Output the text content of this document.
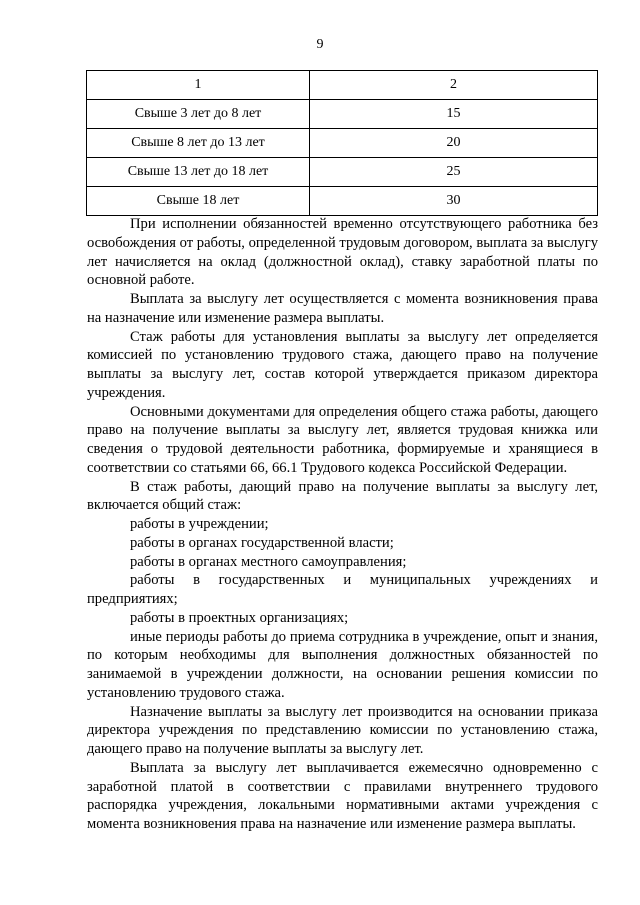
9
1	2
Свыше 3 лет до 8 лет	15
Свыше 8 лет до 13 лет	20
Свыше 13 лет до 18 лет	25
Свыше 18 лет	30

При исполнении обязанностей временно отсутствующего работника без освобождения от работы, определенной трудовым договором, выплата за выслугу лет начисляется на оклад (должностной оклад), ставку заработной платы по основной работе.

Выплата за выслугу лет осуществляется с момента возникновения права на назначение или изменение размера выплаты.

Стаж работы для установления выплаты за выслугу лет определяется комиссией по установлению трудового стажа, дающего право на получение выплаты за выслугу лет, состав которой утверждается приказом директора учреждения.

Основными документами для определения общего стажа работы, дающего право на получение выплаты за выслугу лет, является трудовая книжка или сведения о трудовой деятельности работника, формируемые и хранящиеся в соответствии со статьями 66, 66.1 Трудового кодекса Российской Федерации.

В стаж работы, дающий право на получение выплаты за выслугу лет, включается общий стаж:

работы в учреждении;

работы в органах государственной власти;

работы в органах местного самоуправления;

работы в государственных и муниципальных учреждениях и предприятиях;

работы в проектных организациях;

иные периоды работы до приема сотрудника в учреждение, опыт и знания, по которым необходимы для выполнения должностных обязанностей по занимаемой в учреждении должности, на основании решения комиссии по установлению трудового стажа.

Назначение выплаты за выслугу лет производится на основании приказа директора учреждения по представлению комиссии по установлению стажа, дающего право на получение выплаты за выслугу лет.

Выплата за выслугу лет выплачивается ежемесячно одновременно с заработной платой в соответствии с правилами внутреннего трудового распорядка учреждения, локальными нормативными актами учреждения с момента возникновения права на назначение или изменение размера выплаты.
